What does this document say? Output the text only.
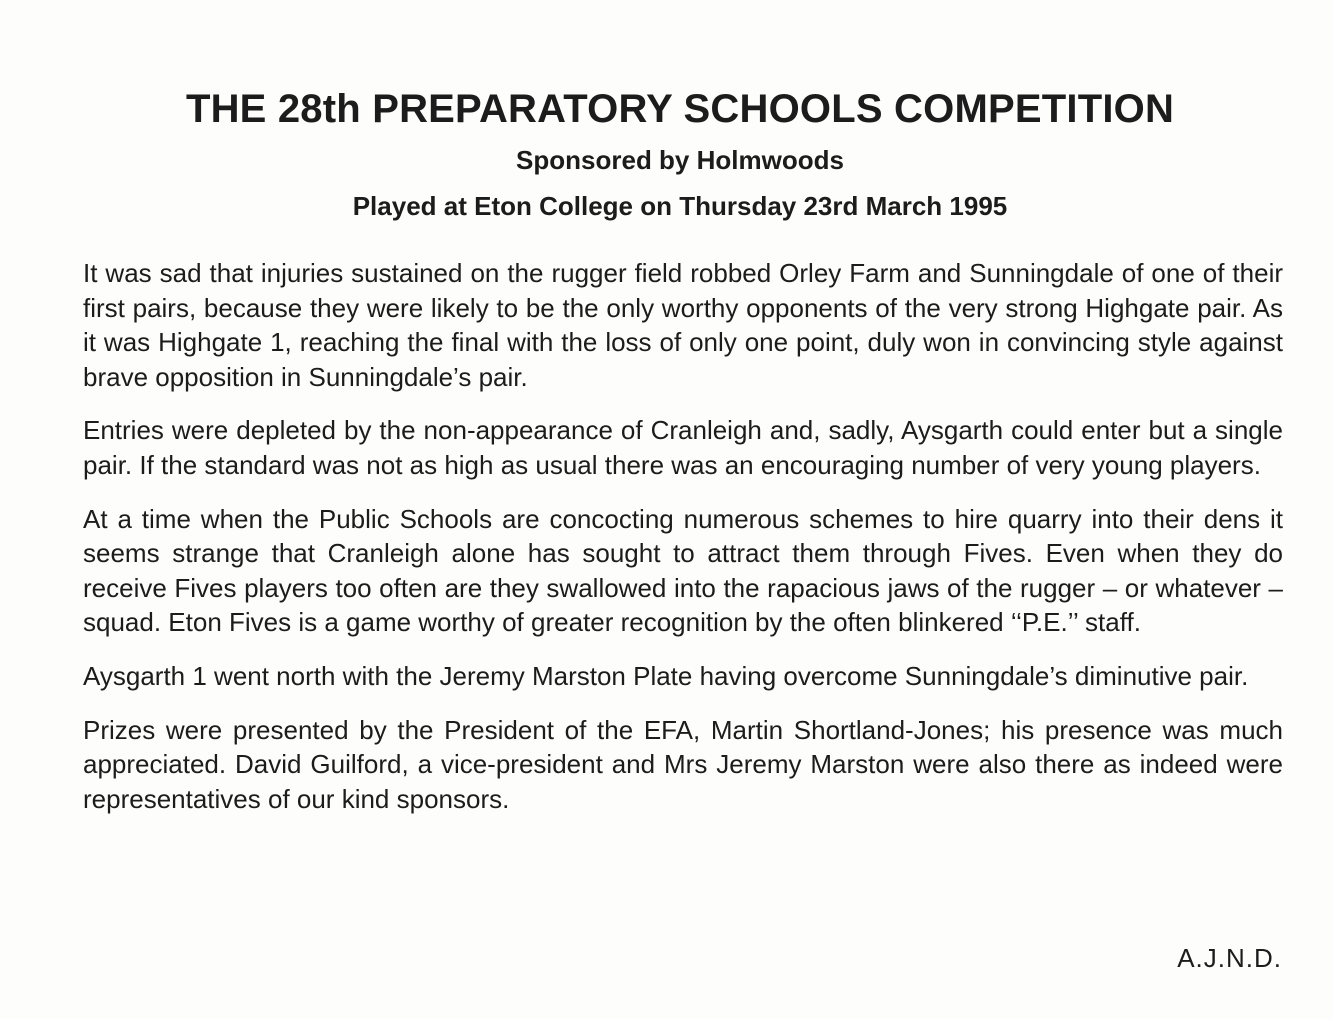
THE 28th PREPARATORY SCHOOLS COMPETITION
Sponsored by Holmwoods
Played at Eton College on Thursday 23rd March 1995

It was sad that injuries sustained on the rugger field robbed Orley Farm and Sunningdale of one of their first pairs, because they were likely to be the only worthy opponents of the very strong Highgate pair. As it was Highgate 1, reaching the final with the loss of only one point, duly won in convincing style against brave opposition in Sunningdale’s pair.

Entries were depleted by the non-appearance of Cranleigh and, sadly, Aysgarth could enter but a single pair. If the standard was not as high as usual there was an encouraging number of very young players.

At a time when the Public Schools are concocting numerous schemes to hire quarry into their dens it seems strange that Cranleigh alone has sought to attract them through Fives. Even when they do receive Fives players too often are they swallowed into the rapacious jaws of the rugger – or whatever – squad. Eton Fives is a game worthy of greater recognition by the often blinkered ‘‘P.E.’’ staff.

Aysgarth 1 went north with the Jeremy Marston Plate having overcome Sunningdale’s diminutive pair.

Prizes were presented by the President of the EFA, Martin Shortland-Jones; his presence was much appreciated. David Guilford, a vice-president and Mrs Jeremy Marston were also there as indeed were representatives of our kind sponsors.

A.J.N.D.
